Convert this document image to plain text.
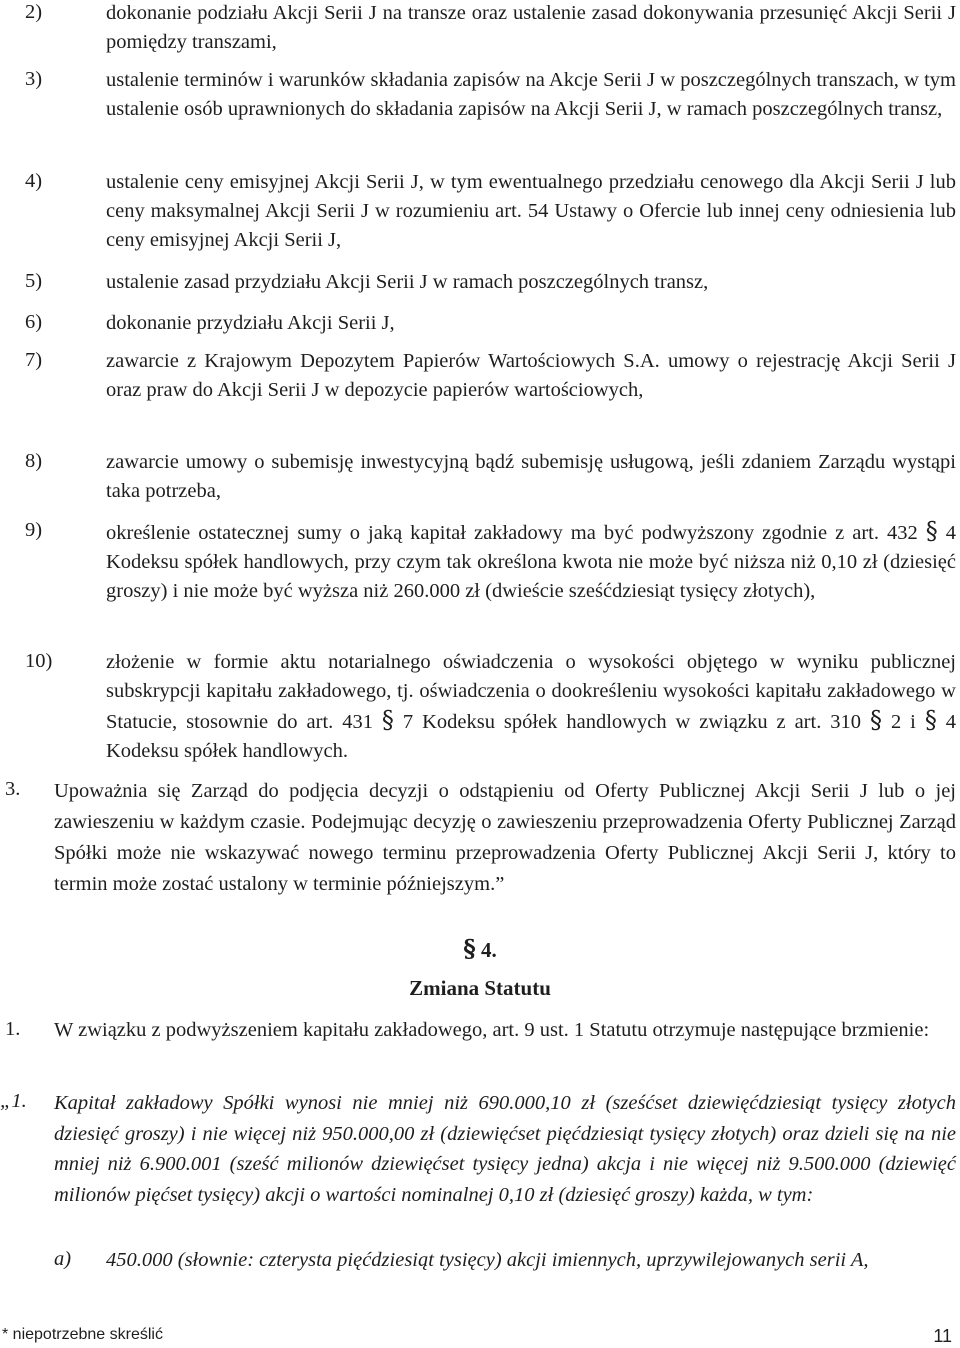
2)	dokonanie podziału Akcji Serii J na transze oraz ustalenie zasad dokonywania przesunięć Akcji Serii J pomiędzy transzami,
3)	ustalenie terminów i warunków składania zapisów na Akcje Serii J w poszczególnych transzach, w tym ustalenie osób uprawnionych do składania zapisów na Akcji Serii J, w ramach poszczególnych transz,
4)	ustalenie ceny emisyjnej Akcji Serii J, w tym ewentualnego przedziału cenowego dla Akcji Serii J lub ceny maksymalnej Akcji Serii J w rozumieniu art. 54 Ustawy o Ofercie lub innej ceny odniesienia lub ceny emisyjnej Akcji Serii J,
5)	ustalenie zasad przydziału Akcji Serii J w ramach poszczególnych transz,
6)	dokonanie przydziału Akcji Serii J,
7)	zawarcie z Krajowym Depozytem Papierów Wartościowych S.A. umowy o rejestrację Akcji Serii J oraz praw do Akcji Serii J w depozycie papierów wartościowych,
8)	zawarcie umowy o subemisję inwestycyjną bądź subemisję usługową, jeśli zdaniem Zarządu wystąpi taka potrzeba,
9)	określenie ostatecznej sumy o jaką kapitał zakładowy ma być podwyższony zgodnie z art. 432 § 4 Kodeksu spółek handlowych, przy czym tak określona kwota nie może być niższa niż 0,10 zł (dziesięć groszy) i nie może być wyższa niż 260.000 zł (dwieście sześćdziesiąt tysięcy złotych),
10)	złożenie w formie aktu notarialnego oświadczenia o wysokości objętego w wyniku publicznej subskrypcji kapitału zakładowego, tj. oświadczenia o dookreśleniu wysokości kapitału zakładowego w Statucie, stosownie do art. 431 § 7 Kodeksu spółek handlowych w związku z art. 310 § 2 i § 4 Kodeksu spółek handlowych.
3. Upoważnia się Zarząd do podjęcia decyzji o odstąpieniu od Oferty Publicznej Akcji Serii J lub o jej zawieszeniu w każdym czasie. Podejmując decyzję o zawieszeniu przeprowadzenia Oferty Publicznej Zarząd Spółki może nie wskazywać nowego terminu przeprowadzenia Oferty Publicznej Akcji Serii J, który to termin może zostać ustalony w terminie późniejszym.”
§ 4.
Zmiana Statutu
1. W związku z podwyższeniem kapitału zakładowego, art. 9 ust. 1 Statutu otrzymuje następujące brzmienie:
„1. Kapitał zakładowy Spółki wynosi nie mniej niż 690.000,10 zł (sześćset dziewięćdziesiąt tysięcy złotych dziesięć groszy) i nie więcej niż 950.000,00 zł (dziewięćset pięćdziesiąt tysięcy złotych) oraz dzieli się na nie mniej niż 6.900.001 (sześć milionów dziewięćset tysięcy jedna) akcja i nie więcej niż 9.500.000 (dziewięć milionów pięćset tysięcy) akcji o wartości nominalnej 0,10 zł (dziesięć groszy) każda, w tym:
a) 450.000 (słownie: czterysta pięćdziesiąt tysięcy) akcji imiennych, uprzywilejowanych serii A,
* niepotrzebne skreślić	11
